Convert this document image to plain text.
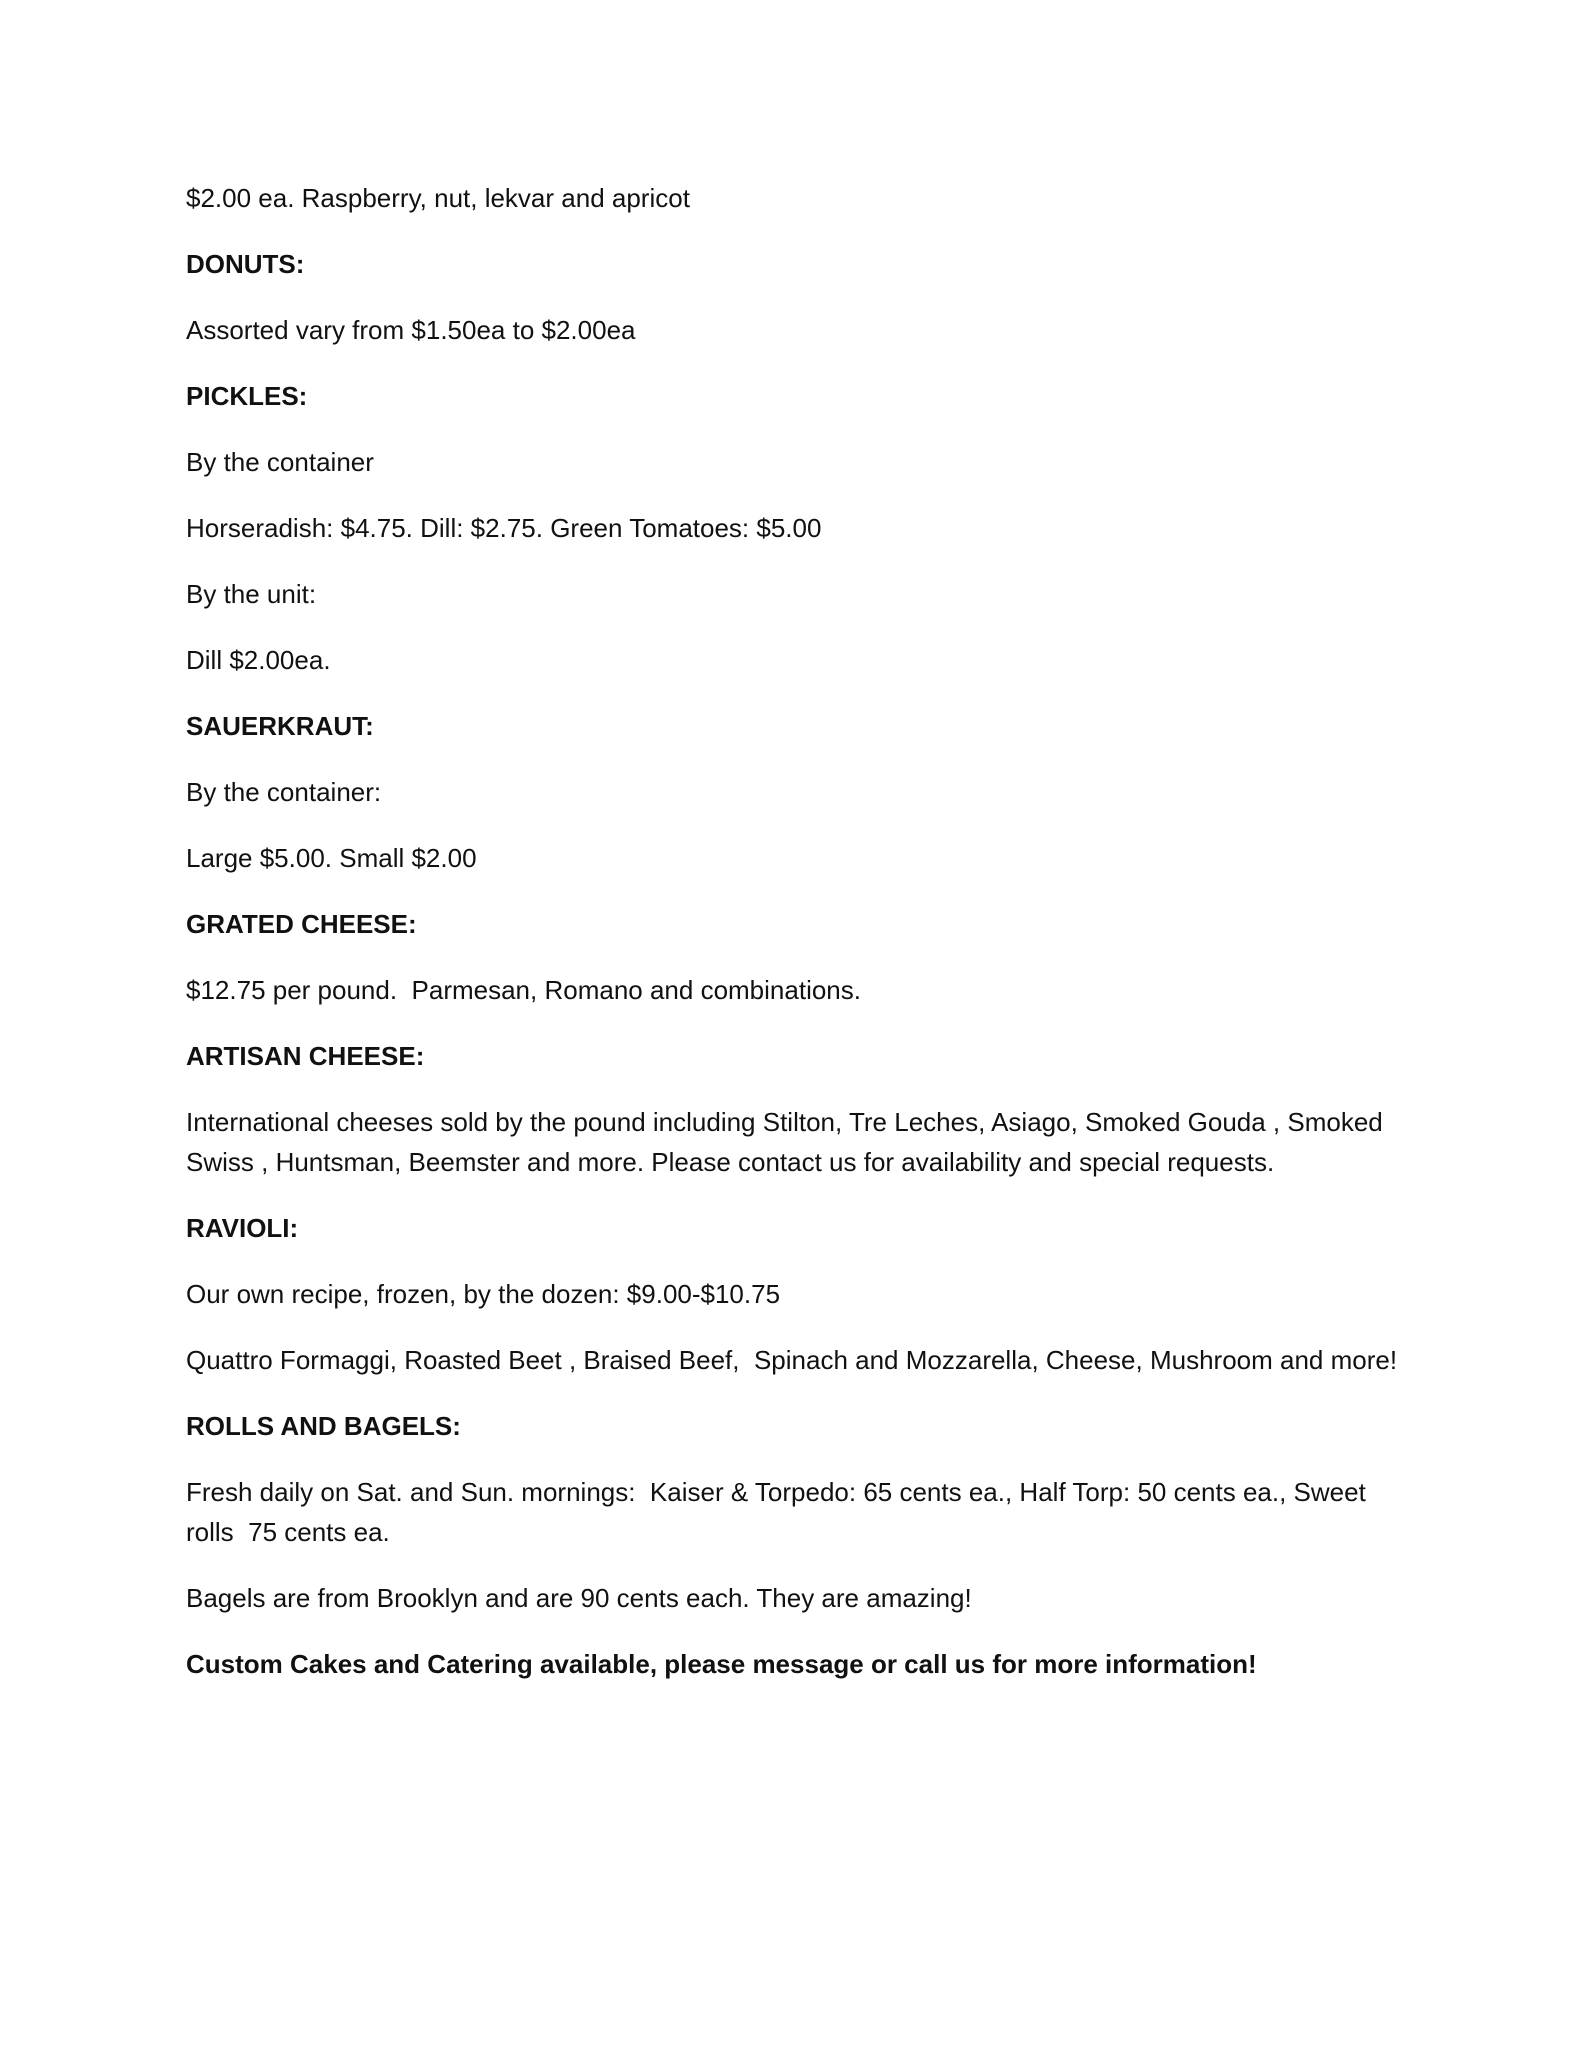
$2.00 ea. Raspberry, nut, lekvar and apricot
DONUTS:
Assorted vary from $1.50ea to $2.00ea
PICKLES:
By the container
Horseradish: $4.75. Dill: $2.75. Green Tomatoes: $5.00
By the unit:
Dill $2.00ea.
SAUERKRAUT:
By the container:
Large $5.00. Small $2.00
GRATED CHEESE:
$12.75 per pound.  Parmesan, Romano and combinations.
ARTISAN CHEESE:
International cheeses sold by the pound including Stilton, Tre Leches, Asiago, Smoked Gouda , Smoked Swiss , Huntsman, Beemster and more. Please contact us for availability and special requests.
RAVIOLI:
Our own recipe, frozen, by the dozen: $9.00-$10.75
Quattro Formaggi, Roasted Beet , Braised Beef,  Spinach and Mozzarella, Cheese, Mushroom and more!
ROLLS AND BAGELS:
Fresh daily on Sat. and Sun. mornings:  Kaiser & Torpedo: 65 cents ea., Half Torp: 50 cents ea., Sweet rolls  75 cents ea.
Bagels are from Brooklyn and are 90 cents each. They are amazing!
Custom Cakes and Catering available, please message or call us for more information!
